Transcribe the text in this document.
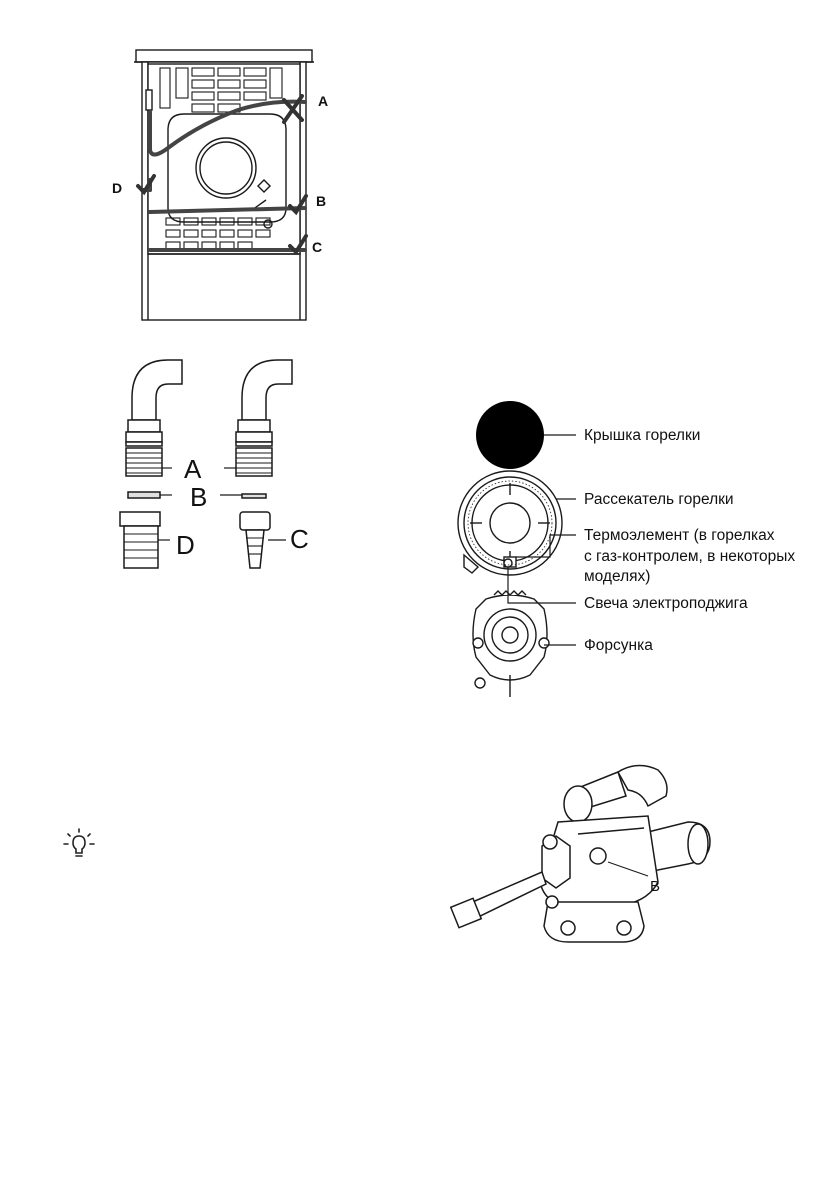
A
B
C
D
A
B
C
D
Крышка горелки
Рассекатель горелки
Термоэлемент (в горелках
с газ-контролем, в некоторых
моделях)
Свеча электроподжига
Форсунка
B
